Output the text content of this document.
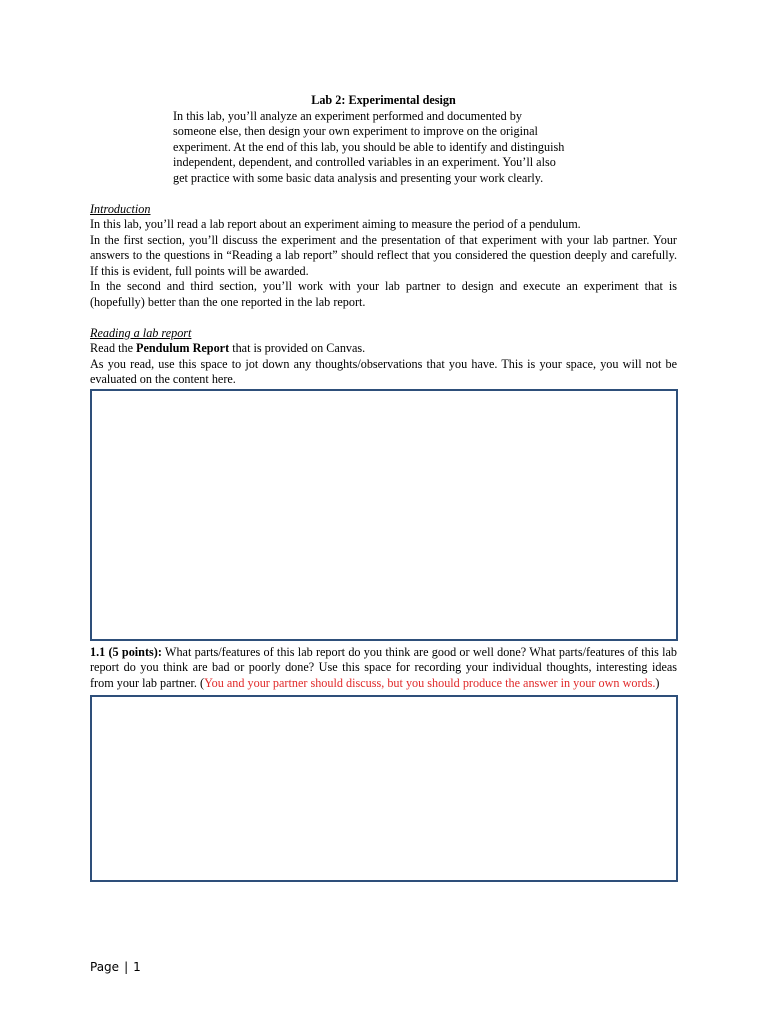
Lab 2: Experimental design

In this lab, you’ll analyze an experiment performed and documented by

someone else, then design your own experiment to improve on the original

experiment. At the end of this lab, you should be able to identify and distinguish

independent, dependent, and controlled variables in an experiment. You’ll also

get practice with some basic data analysis and presenting your work clearly.

Introduction

In this lab, you’ll read a lab report about an experiment aiming to measure the period of a pendulum.

In the first section, you’ll discuss the experiment and the presentation of that experiment with your lab partner. Your answers to the questions in “Reading a lab report” should reflect that you considered the question deeply and carefully. If this is evident, full points will be awarded.

In the second and third section, you’ll work with your lab partner to design and execute an experiment that is (hopefully) better than the one reported in the lab report.

Reading a lab report

Read the Pendulum Report that is provided on Canvas.

As you read, use this space to jot down any thoughts/observations that you have. This is your space, you will not be evaluated on the content here.

1.1 (5 points): What parts/features of this lab report do you think are good or well done? What parts/features of this lab report do you think are bad or poorly done? Use this space for recording your individual thoughts, interesting ideas from your lab partner. (You and your partner should discuss, but you should produce the answer in your own words.)

Page | 1
